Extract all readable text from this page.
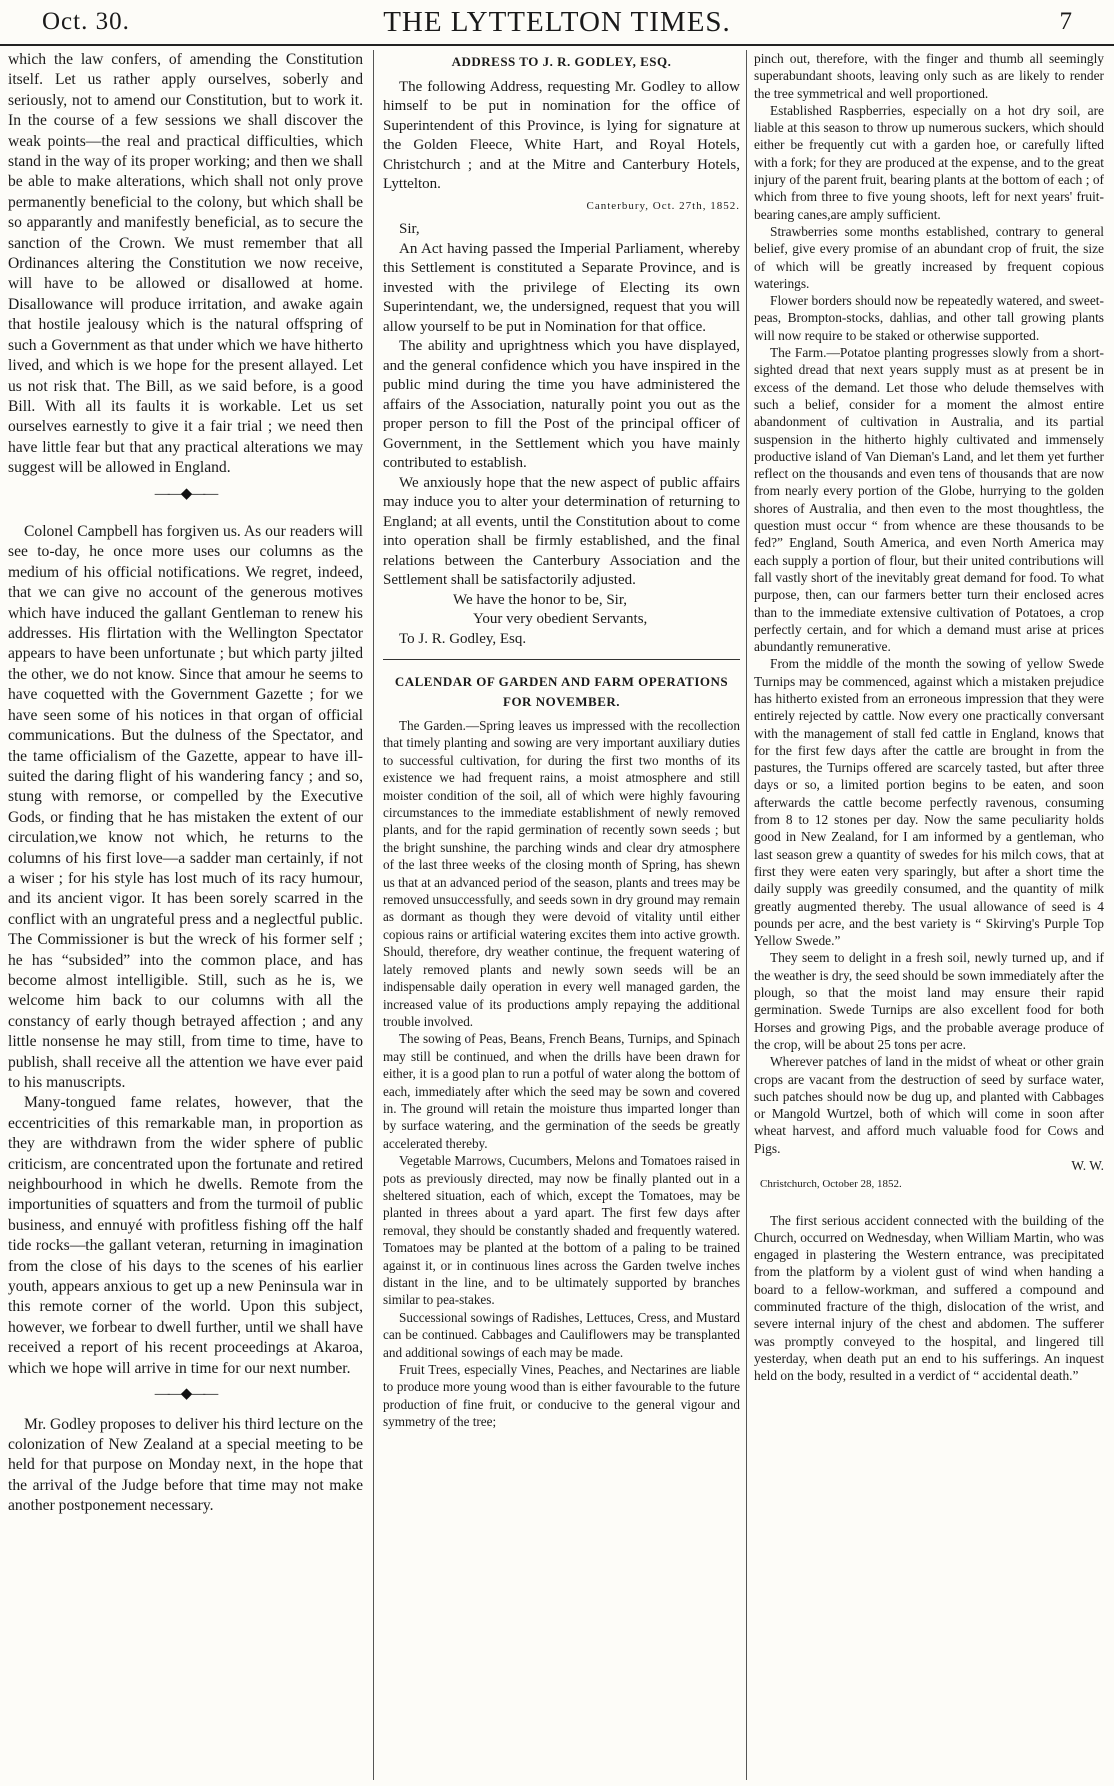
Oct. 30.	THE LYTTELTON TIMES.	7

which the law confers, of amending the Constitution itself. Let us rather apply ourselves, soberly and seriously, not to amend our Constitution, but to work it. In the course of a few sessions we shall discover the weak points—the real and practical difficulties, which stand in the way of its proper working; and then we shall be able to make alterations, which shall not only prove permanently beneficial to the colony, but which shall be so apparantly and manifestly beneficial, as to secure the sanction of the Crown. We must remember that all Ordinances altering the Constitution we now receive, will have to be allowed or disallowed at home. Disallowance will produce irritation, and awake again that hostile jealousy which is the natural offspring of such a Government as that under which we have hitherto lived, and which is we hope for the present allayed. Let us not risk that. The Bill, as we said before, is a good Bill. With all its faults it is workable. Let us set ourselves earnestly to give it a fair trial ; we need then have little fear but that any practical alterations we may suggest will be allowed in England.

——◆——

Colonel Campbell has forgiven us. As our readers will see to-day, he once more uses our columns as the medium of his official notifications. We regret, indeed, that we can give no account of the generous motives which have induced the gallant Gentleman to renew his addresses. His flirtation with the Wellington Spectator appears to have been unfortunate ; but which party jilted the other, we do not know. Since that amour he seems to have coquetted with the Government Gazette ; for we have seen some of his notices in that organ of official communications. But the dulness of the Spectator, and the tame officialism of the Gazette, appear to have ill-suited the daring flight of his wandering fancy ; and so, stung with remorse, or compelled by the Executive Gods, or finding that he has mistaken the extent of our circulation,we know not which, he returns to the columns of his first love—a sadder man certainly, if not a wiser ; for his style has lost much of its racy humour, and its ancient vigor. It has been sorely scarred in the conflict with an ungrateful press and a neglectful public. The Commissioner is but the wreck of his former self ; he has “subsided” into the common place, and has become almost intelligible. Still, such as he is, we welcome him back to our columns with all the constancy of early though betrayed affection ; and any little nonsense he may still, from time to time, have to publish, shall receive all the attention we have ever paid to his manuscripts.

Many-tongued fame relates, however, that the eccentricities of this remarkable man, in proportion as they are withdrawn from the wider sphere of public criticism, are concentrated upon the fortunate and retired neighbourhood in which he dwells. Remote from the importunities of squatters and from the turmoil of public business, and ennuyé with profitless fishing off the half tide rocks—the gallant veteran, returning in imagination from the close of his days to the scenes of his earlier youth, appears anxious to get up a new Peninsula war in this remote corner of the world. Upon this subject, however, we forbear to dwell further, until we shall have received a report of his recent proceedings at Akaroa, which we hope will arrive in time for our next number.

——◆——

Mr. Godley proposes to deliver his third lecture on the colonization of New Zealand at a special meeting to be held for that purpose on Monday next, in the hope that the arrival of the Judge before that time may not make another postponement necessary.

ADDRESS TO J. R. GODLEY, ESQ.

The following Address, requesting Mr. Godley to allow himself to be put in nomination for the office of Superintendent of this Province, is lying for signature at the Golden Fleece, White Hart, and Royal Hotels, Christchurch ; and at the Mitre and Canterbury Hotels, Lyttelton.

Canterbury, Oct. 27th, 1852.

Sir,

An Act having passed the Imperial Parliament, whereby this Settlement is constituted a Separate Province, and is invested with the privilege of Electing its own Superintendant, we, the undersigned, request that you will allow yourself to be put in Nomination for that office.

The ability and uprightness which you have displayed, and the general confidence which you have inspired in the public mind during the time you have administered the affairs of the Association, naturally point you out as the proper person to fill the Post of the principal officer of Government, in the Settlement which you have mainly contributed to establish.

We anxiously hope that the new aspect of public affairs may induce you to alter your determination of returning to England; at all events, until the Constitution about to come into operation shall be firmly established, and the final relations between the Canterbury Association and the Settlement shall be satisfactorily adjusted.

We have the honor to be, Sir,

Your very obedient Servants,

To J. R. Godley, Esq.

CALENDAR OF GARDEN AND FARM OPERATIONS FOR NOVEMBER.

The Garden.—Spring leaves us impressed with the recollection that timely planting and sowing are very important auxiliary duties to successful cultivation, for during the first two months of its existence we had frequent rains, a moist atmosphere and still moister condition of the soil, all of which were highly favouring circumstances to the immediate establishment of newly removed plants, and for the rapid germination of recently sown seeds ; but the bright sunshine, the parching winds and clear dry atmosphere of the last three weeks of the closing month of Spring, has shewn us that at an advanced period of the season, plants and trees may be removed unsuccessfully, and seeds sown in dry ground may remain as dormant as though they were devoid of vitality until either copious rains or artificial watering excites them into active growth. Should, therefore, dry weather continue, the frequent watering of lately removed plants and newly sown seeds will be an indispensable daily operation in every well managed garden, the increased value of its productions amply repaying the additional trouble involved.

The sowing of Peas, Beans, French Beans, Turnips, and Spinach may still be continued, and when the drills have been drawn for either, it is a good plan to run a potful of water along the bottom of each, immediately after which the seed may be sown and covered in. The ground will retain the moisture thus imparted longer than by surface watering, and the germination of the seeds be greatly accelerated thereby.

Vegetable Marrows, Cucumbers, Melons and Tomatoes raised in pots as previously directed, may now be finally planted out in a sheltered situation, each of which, except the Tomatoes, may be planted in threes about a yard apart. The first few days after removal, they should be constantly shaded and frequently watered. Tomatoes may be planted at the bottom of a paling to be trained against it, or in continuous lines across the Garden twelve inches distant in the line, and to be ultimately supported by branches similar to pea-stakes.

Successional sowings of Radishes, Lettuces, Cress, and Mustard can be continued. Cabbages and Cauliflowers may be transplanted and additional sowings of each may be made.

Fruit Trees, especially Vines, Peaches, and Nectarines are liable to produce more young wood than is either favourable to the future production of fine fruit, or conducive to the general vigour and symmetry of the tree;

pinch out, therefore, with the finger and thumb all seemingly superabundant shoots, leaving only such as are likely to render the tree symmetrical and well proportioned.

Established Raspberries, especially on a hot dry soil, are liable at this season to throw up numerous suckers, which should either be frequently cut with a garden hoe, or carefully lifted with a fork; for they are produced at the expense, and to the great injury of the parent fruit, bearing plants at the bottom of each ; of which from three to five young shoots, left for next years' fruit-bearing canes,are amply sufficient.

Strawberries some months established, contrary to general belief, give every promise of an abundant crop of fruit, the size of which will be greatly increased by frequent copious waterings.

Flower borders should now be repeatedly watered, and sweet-peas, Brompton-stocks, dahlias, and other tall growing plants will now require to be staked or otherwise supported.

The Farm.—Potatoe planting progresses slowly from a short-sighted dread that next years supply must as at present be in excess of the demand. Let those who delude themselves with such a belief, consider for a moment the almost entire abandonment of cultivation in Australia, and its partial suspension in the hitherto highly cultivated and immensely productive island of Van Dieman's Land, and let them yet further reflect on the thousands and even tens of thousands that are now from nearly every portion of the Globe, hurrying to the golden shores of Australia, and then even to the most thoughtless, the question must occur “ from whence are these thousands to be fed?” England, South America, and even North America may each supply a portion of flour, but their united contributions will fall vastly short of the inevitably great demand for food. To what purpose, then, can our farmers better turn their enclosed acres than to the immediate extensive cultivation of Potatoes, a crop perfectly certain, and for which a demand must arise at prices abundantly remunerative.

From the middle of the month the sowing of yellow Swede Turnips may be commenced, against which a mistaken prejudice has hitherto existed from an erroneous impression that they were entirely rejected by cattle. Now every one practically conversant with the management of stall fed cattle in England, knows that for the first few days after the cattle are brought in from the pastures, the Turnips offered are scarcely tasted, but after three days or so, a limited portion begins to be eaten, and soon afterwards the cattle become perfectly ravenous, consuming from 8 to 12 stones per day. Now the same peculiarity holds good in New Zealand, for I am informed by a gentleman, who last season grew a quantity of swedes for his milch cows, that at first they were eaten very sparingly, but after a short time the daily supply was greedily consumed, and the quantity of milk greatly augmented thereby. The usual allowance of seed is 4 pounds per acre, and the best variety is “ Skirving's Purple Top Yellow Swede.”

They seem to delight in a fresh soil, newly turned up, and if the weather is dry, the seed should be sown immediately after the plough, so that the moist land may ensure their rapid germination. Swede Turnips are also excellent food for both Horses and growing Pigs, and the probable average produce of the crop, will be about 25 tons per acre.

Wherever patches of land in the midst of wheat or other grain crops are vacant from the destruction of seed by surface water, such patches should now be dug up, and planted with Cabbages or Mangold Wurtzel, both of which will come in soon after wheat harvest, and afford much valuable food for Cows and Pigs.

W. W.

Christchurch, October 28, 1852.

The first serious accident connected with the building of the Church, occurred on Wednesday, when William Martin, who was engaged in plastering the Western entrance, was precipitated from the platform by a violent gust of wind when handing a board to a fellow-workman, and suffered a compound and comminuted fracture of the thigh, dislocation of the wrist, and severe internal injury of the chest and abdomen. The sufferer was promptly conveyed to the hospital, and lingered till yesterday, when death put an end to his sufferings. An inquest held on the body, resulted in a verdict of “ accidental death.”
